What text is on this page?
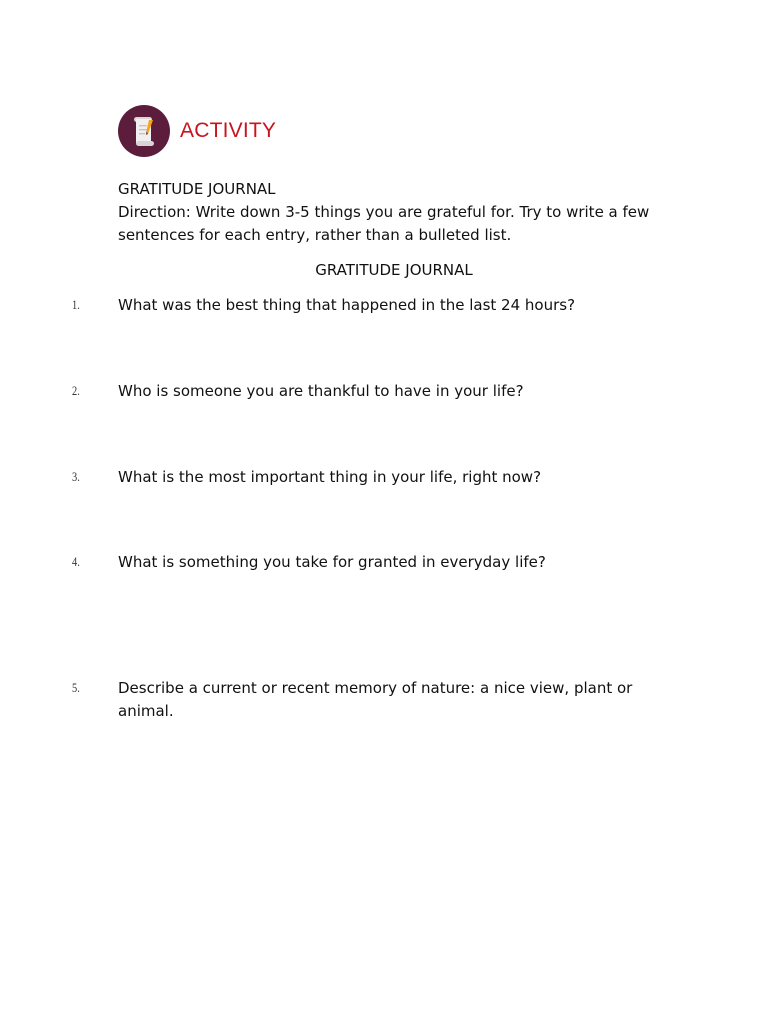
ACTIVITY

GRATITUDE JOURNAL

Direction: Write down 3-5 things you are grateful for. Try to write a few sentences for each entry, rather than a bulleted list.

GRATITUDE JOURNAL
1.	What was the best thing that happened in the last 24 hours?
2.	Who is someone you are thankful to have in your life?
3.	What is the most important thing in your life, right now?
4.	What is something you take for granted in everyday life?
5.	Describe a current or recent memory of nature: a nice view, plant or animal.
